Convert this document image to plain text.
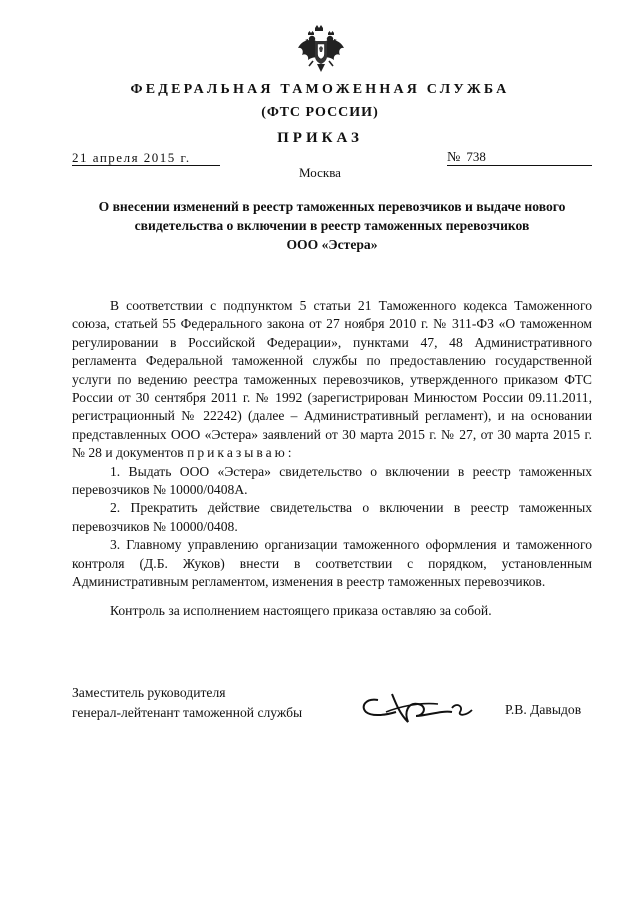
ФЕДЕРАЛЬНАЯ ТАМОЖЕННАЯ СЛУЖБА
(ФТС РОССИИ)
ПРИКАЗ
21 апреля 2015 г.	№ 738
Москва
О внесении изменений в реестр таможенных перевозчиков и выдаче нового
свидетельства о включении в реестр таможенных перевозчиков
ООО «Эстера»

В соответствии с подпунктом 5 статьи 21 Таможенного кодекса Таможенного союза, статьей 55 Федерального закона от 27 ноября 2010 г. № 311-ФЗ «О таможенном регулировании в Российской Федерации», пунктами 47, 48 Административного регламента Федеральной таможенной службы по предоставлению государственной услуги по ведению реестра таможенных перевозчиков, утвержденного приказом ФТС России от 30 сентября 2011 г. № 1992 (зарегистрирован Минюстом России 09.11.2011, регистрационный № 22242) (далее – Административный регламент), и на основании представленных ООО «Эстера» заявлений от 30 марта 2015 г. № 27, от 30 марта 2015 г. № 28 и документов приказываю:

1. Выдать ООО «Эстера» свидетельство о включении в реестр таможенных перевозчиков № 10000/0408А.

2. Прекратить действие свидетельства о включении в реестр таможенных перевозчиков № 10000/0408.

3. Главному управлению организации таможенного оформления и таможенного контроля (Д.Б. Жуков) внести в соответствии с порядком, установленным Административным регламентом, изменения в реестр таможенных перевозчиков.

Контроль за исполнением настоящего приказа оставляю за собой.

Заместитель руководителя
генерал-лейтенант таможенной службы	Р.В. Давыдов
